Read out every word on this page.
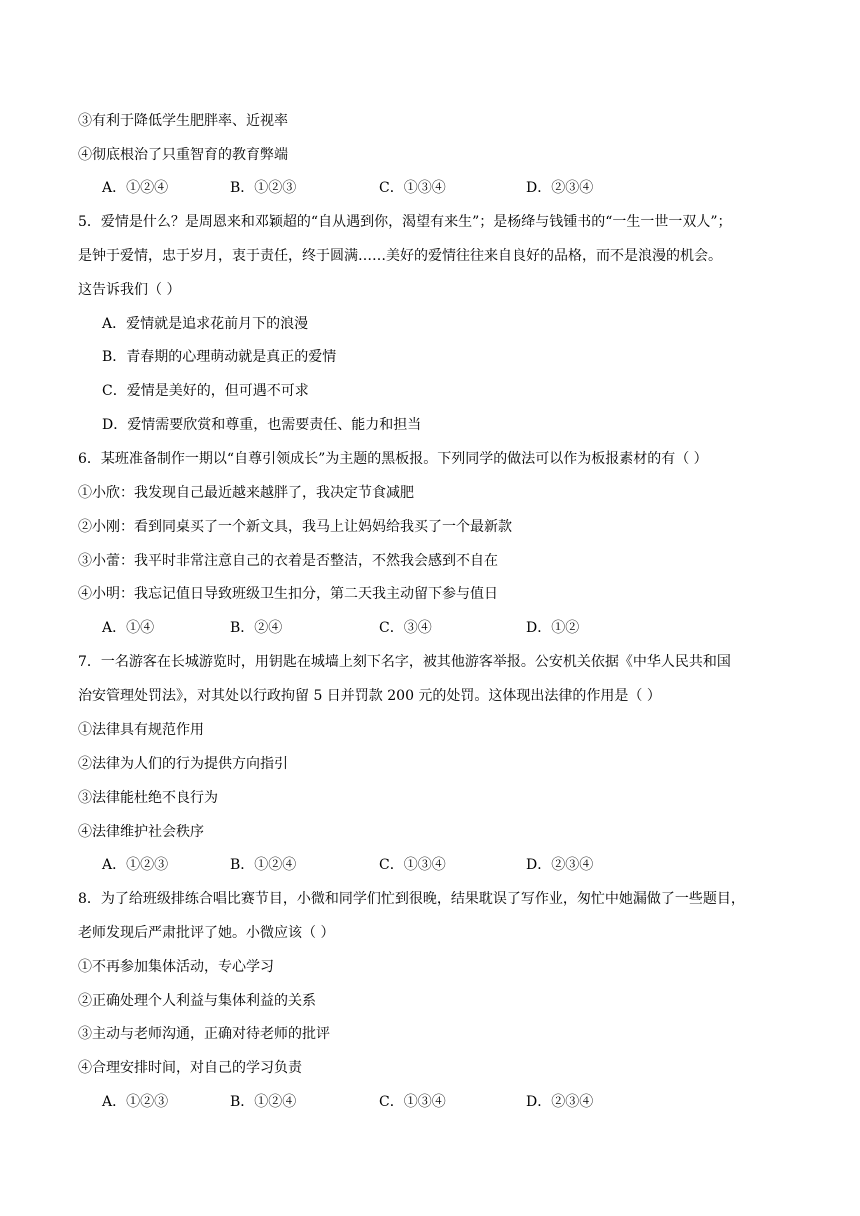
③有利于降低学生肥胖率、近视率
④彻底根治了只重智育的教育弊端
A．①②④	B．①②③	C．①③④	D．②③④
5．爱情是什么？是周恩来和邓颖超的“自从遇到你，渴望有来生”；是杨绛与钱锺书的“一生一世一双人”；
是钟于爱情，忠于岁月，衷于责任，终于圆满……美好的爱情往往来自良好的品格，而不是浪漫的机会。
这告诉我们（ ）
A．爱情就是追求花前月下的浪漫
B．青春期的心理萌动就是真正的爱情
C．爱情是美好的，但可遇不可求
D．爱情需要欣赏和尊重，也需要责任、能力和担当
6．某班准备制作一期以“自尊引领成长”为主题的黑板报。下列同学的做法可以作为板报素材的有（ ）
①小欣：我发现自己最近越来越胖了，我决定节食减肥
②小刚：看到同桌买了一个新文具，我马上让妈妈给我买了一个最新款
③小蕾：我平时非常注意自己的衣着是否整洁，不然我会感到不自在
④小明：我忘记值日导致班级卫生扣分，第二天我主动留下参与值日
A．①④	B．②④	C．③④	D．①②
7．一名游客在长城游览时，用钥匙在城墙上刻下名字，被其他游客举报。公安机关依据《中华人民共和国
治安管理处罚法》，对其处以行政拘留 5 日并罚款 200 元的处罚。这体现出法律的作用是（ ）
①法律具有规范作用
②法律为人们的行为提供方向指引
③法律能杜绝不良行为
④法律维护社会秩序
A．①②③	B．①②④	C．①③④	D．②③④
8．为了给班级排练合唱比赛节目，小微和同学们忙到很晚，结果耽误了写作业，匆忙中她漏做了一些题目，
老师发现后严肃批评了她。小微应该（ ）
①不再参加集体活动，专心学习
②正确处理个人利益与集体利益的关系
③主动与老师沟通，正确对待老师的批评
④合理安排时间，对自己的学习负责
A．①②③	B．①②④	C．①③④	D．②③④
